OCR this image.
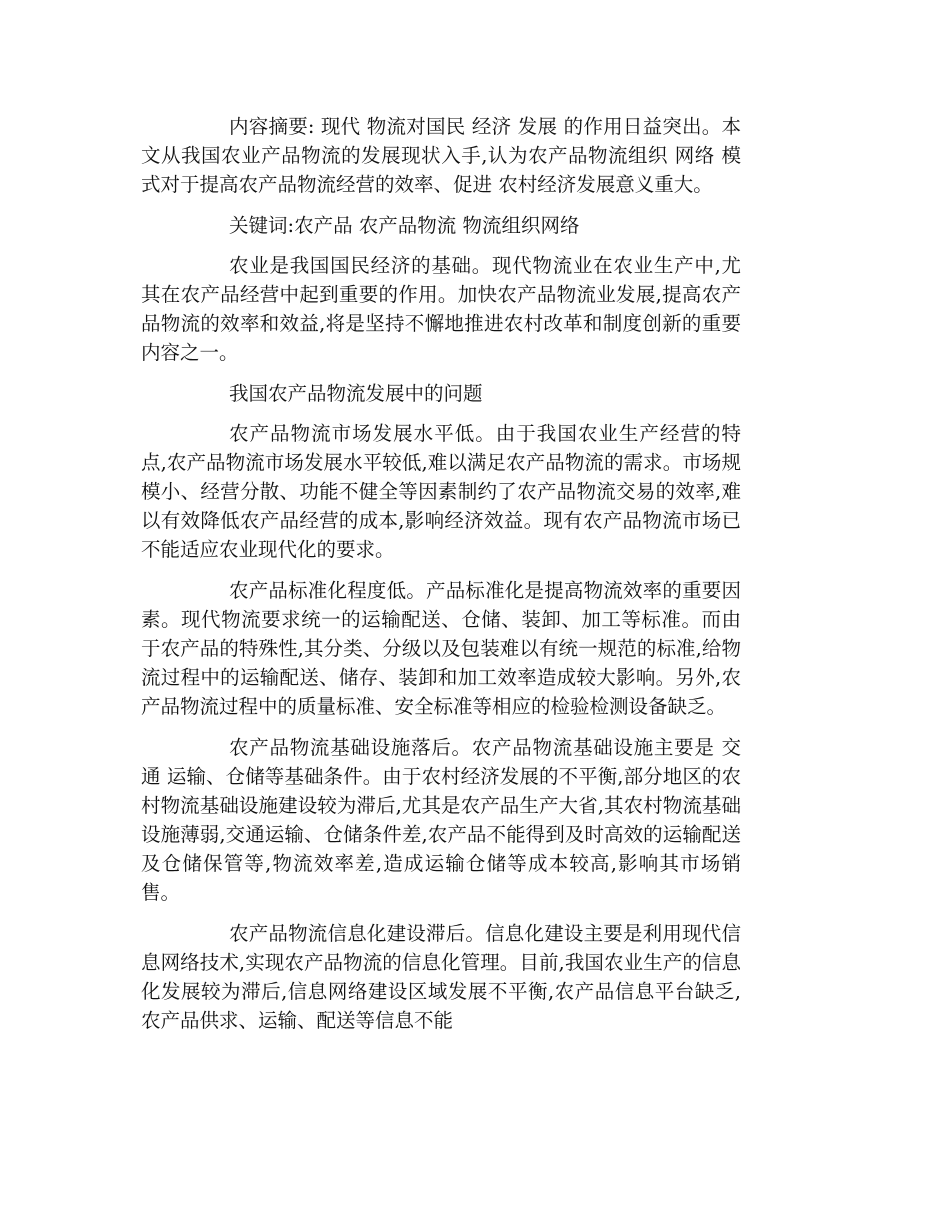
内容摘要: 现代 物流对国民 经济 发展 的作用日益突出。本文从我国农业产品物流的发展现状入手,认为农产品物流组织 网络 模式对于提高农产品物流经营的效率、促进 农村经济发展意义重大。

关键词:农产品 农产品物流 物流组织网络

农业是我国国民经济的基础。现代物流业在农业生产中,尤其在农产品经营中起到重要的作用。加快农产品物流业发展,提高农产品物流的效率和效益,将是坚持不懈地推进农村改革和制度创新的重要内容之一。

我国农产品物流发展中的问题

农产品物流市场发展水平低。由于我国农业生产经营的特点,农产品物流市场发展水平较低,难以满足农产品物流的需求。市场规模小、经营分散、功能不健全等因素制约了农产品物流交易的效率,难以有效降低农产品经营的成本,影响经济效益。现有农产品物流市场已不能适应农业现代化的要求。

农产品标准化程度低。产品标准化是提高物流效率的重要因素。现代物流要求统一的运输配送、仓储、装卸、加工等标准。而由于农产品的特殊性,其分类、分级以及包装难以有统一规范的标准,给物流过程中的运输配送、储存、装卸和加工效率造成较大影响。另外,农产品物流过程中的质量标准、安全标准等相应的检验检测设备缺乏。

农产品物流基础设施落后。农产品物流基础设施主要是 交通 运输、仓储等基础条件。由于农村经济发展的不平衡,部分地区的农村物流基础设施建设较为滞后,尤其是农产品生产大省,其农村物流基础设施薄弱,交通运输、仓储条件差,农产品不能得到及时高效的运输配送及仓储保管等,物流效率差,造成运输仓储等成本较高,影响其市场销售。

农产品物流信息化建设滞后。信息化建设主要是利用现代信息网络技术,实现农产品物流的信息化管理。目前,我国农业生产的信息化发展较为滞后,信息网络建设区域发展不平衡,农产品信息平台缺乏,农产品供求、运输、配送等信息不能
